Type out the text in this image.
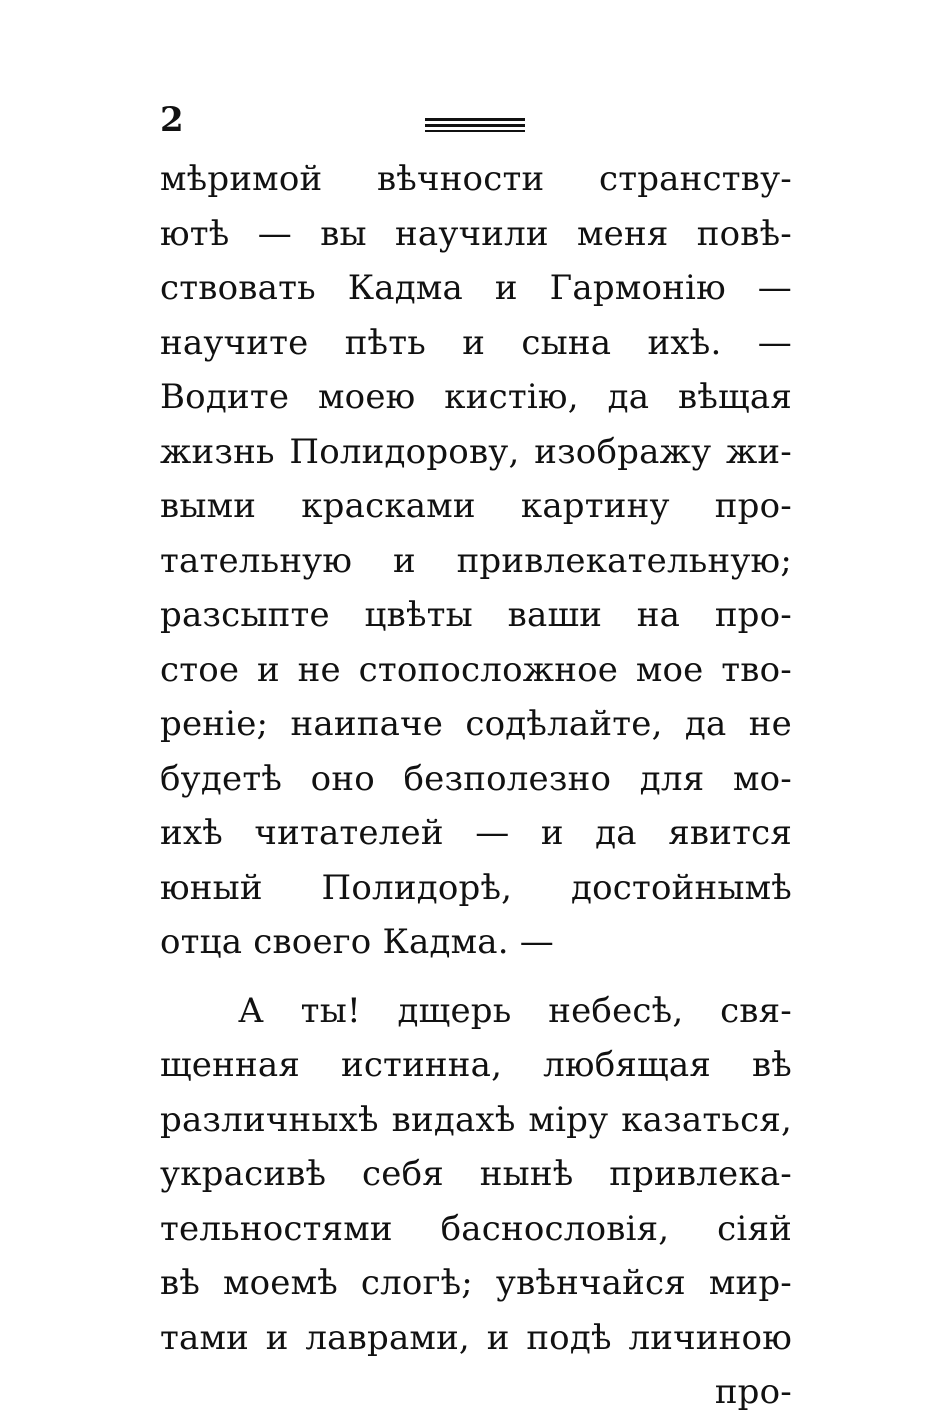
2
мѣримой вѣчности странству-
ютѣ — вы научили меня повѣ-
ствовать Кадма и Гармонію —
научите пѣть и сына ихѣ. —
Водите моею кистію, да вѣщая
жизнь Полидорову, изображу жи-
выми красками картину про-
тательную и привлекательную;
разсыпте цвѣты ваши на про-
стое и не стопосложное мое тво-
реніе; наипаче содѣлайте, да не
будетѣ оно безполезно для мо-
ихѣ читателей — и да явится
юный Полидорѣ, достойнымѣ
отца своего Кадма. —
А ты! дщерь небесѣ, свя-
щенная истинна, любящая вѣ
различныхѣ видахѣ міру казаться,
украсивѣ себя нынѣ привлека-
тельностями баснословія, сіяй
вѣ моемѣ слогѣ; увѣнчайся мир-
тами и лаврами, и подѣ личиною
про-
